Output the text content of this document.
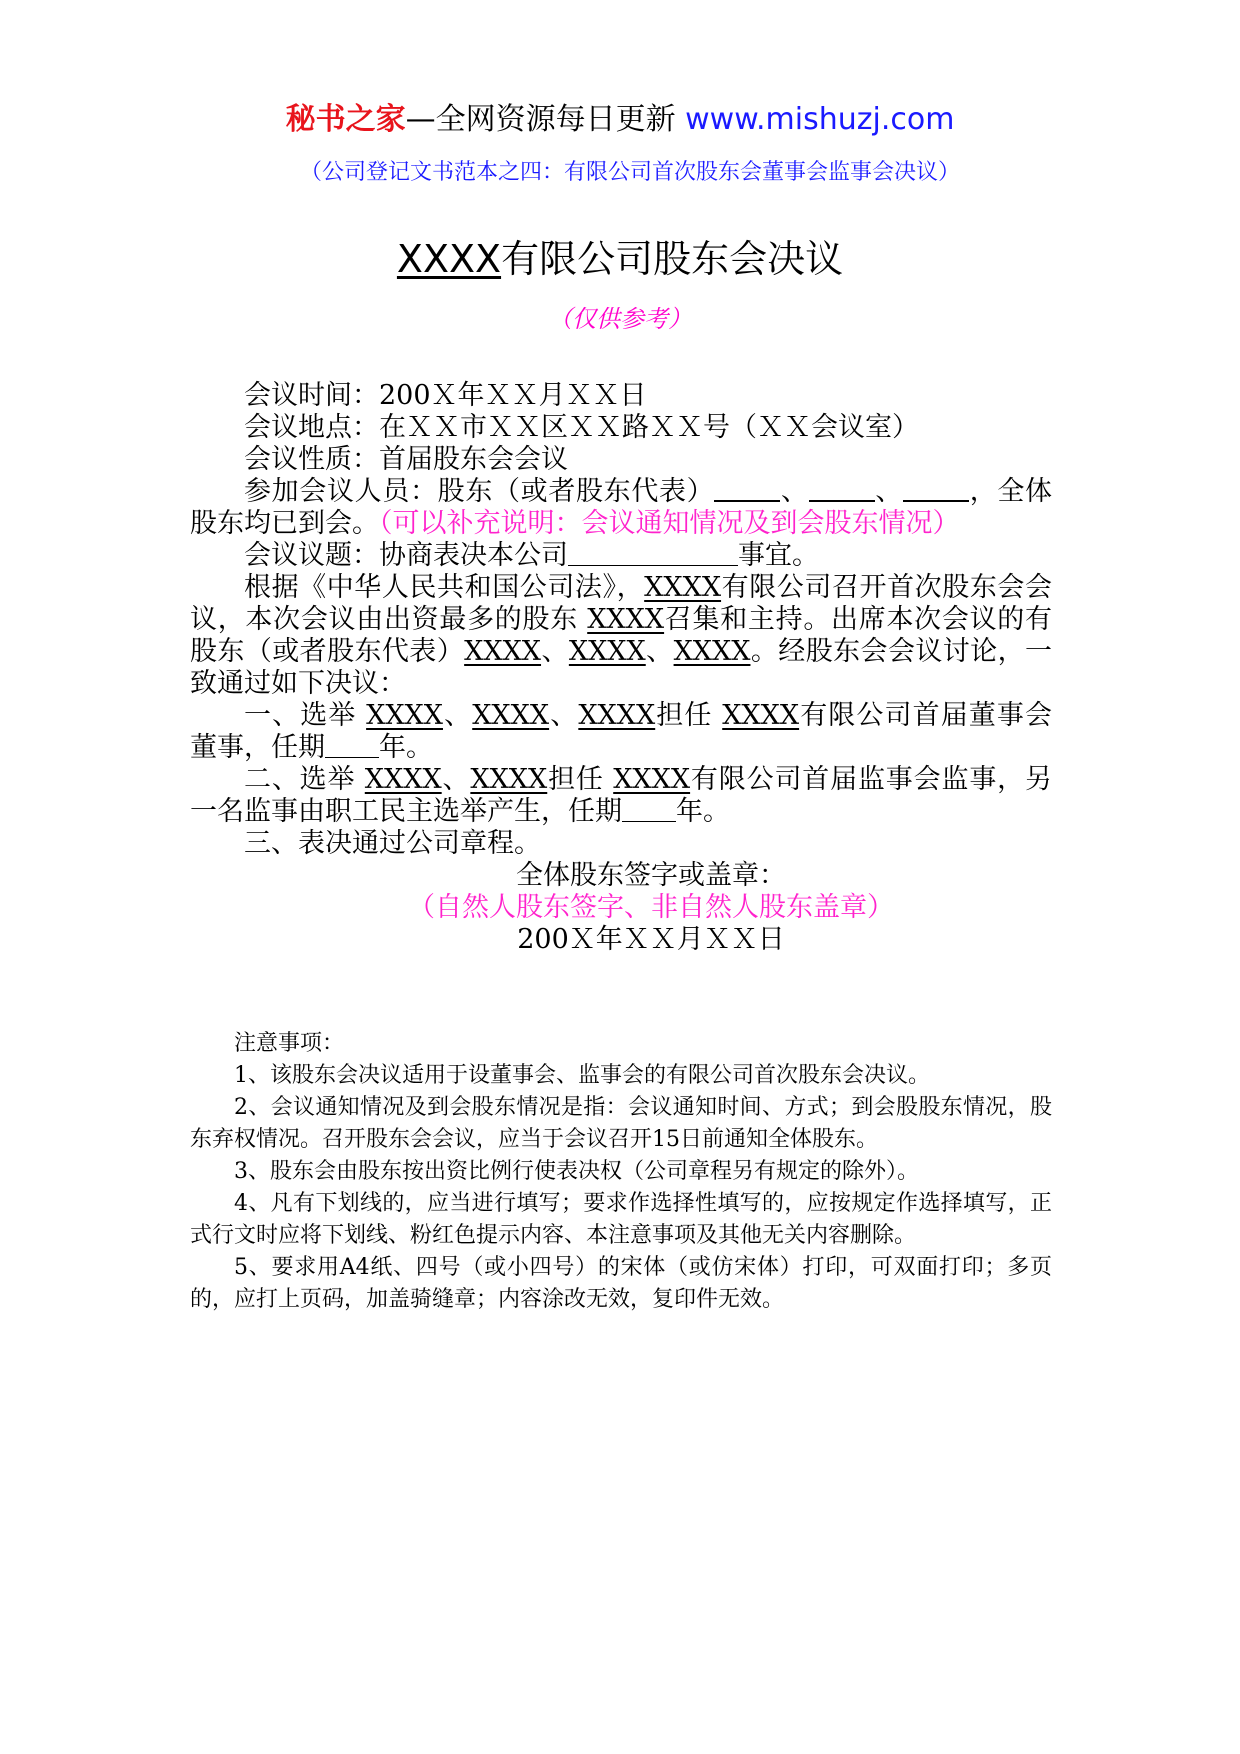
秘书之家—全网资源每日更新 www.mishuzj.com
（公司登记文书范本之四：有限公司首次股东会董事会监事会决议）
XXXX有限公司股东会决议
（仅供参考）

会议时间：200Ｘ年ＸＸ月ＸＸ日

会议地点：在ＸＸ市ＸＸ区ＸＸ路ＸＸ号（ＸＸ会议室）

会议性质：首届股东会会议

参加会议人员：股东（或者股东代表） 、 、 ，全体股东均已到会。（可以补充说明：会议通知情况及到会股东情况）

会议议题：协商表决本公司	事宜。

根据《中华人民共和国公司法》，XXXX有限公司召开首次股东会会议，本次会议由出资最多的股东 XXXX召集和主持。出席本次会议的有股东（或者股东代表）XXXX、XXXX、XXXX。经股东会会议讨论，一致通过如下决议：

一、选举 XXXX、XXXX、XXXX担任 XXXX有限公司首届董事会董事，任期 年。

二、选举 XXXX、XXXX担任 XXXX有限公司首届监事会监事，另一名监事由职工民主选举产生，任期 年。

三、表决通过公司章程。

全体股东签字或盖章：
（自然人股东签字、非自然人股东盖章）
200Ｘ年ＸＸ月ＸＸ日

注意事项：

1、该股东会决议适用于设董事会、监事会的有限公司首次股东会决议。

2、会议通知情况及到会股东情况是指：会议通知时间、方式；到会股股东情况，股东弃权情况。召开股东会会议，应当于会议召开15日前通知全体股东。

3、股东会由股东按出资比例行使表决权（公司章程另有规定的除外）。

4、凡有下划线的，应当进行填写；要求作选择性填写的，应按规定作选择填写，正式行文时应将下划线、粉红色提示内容、本注意事项及其他无关内容删除。

5、要求用A4纸、四号（或小四号）的宋体（或仿宋体）打印，可双面打印；多页的，应打上页码，加盖骑缝章；内容涂改无效，复印件无效。
